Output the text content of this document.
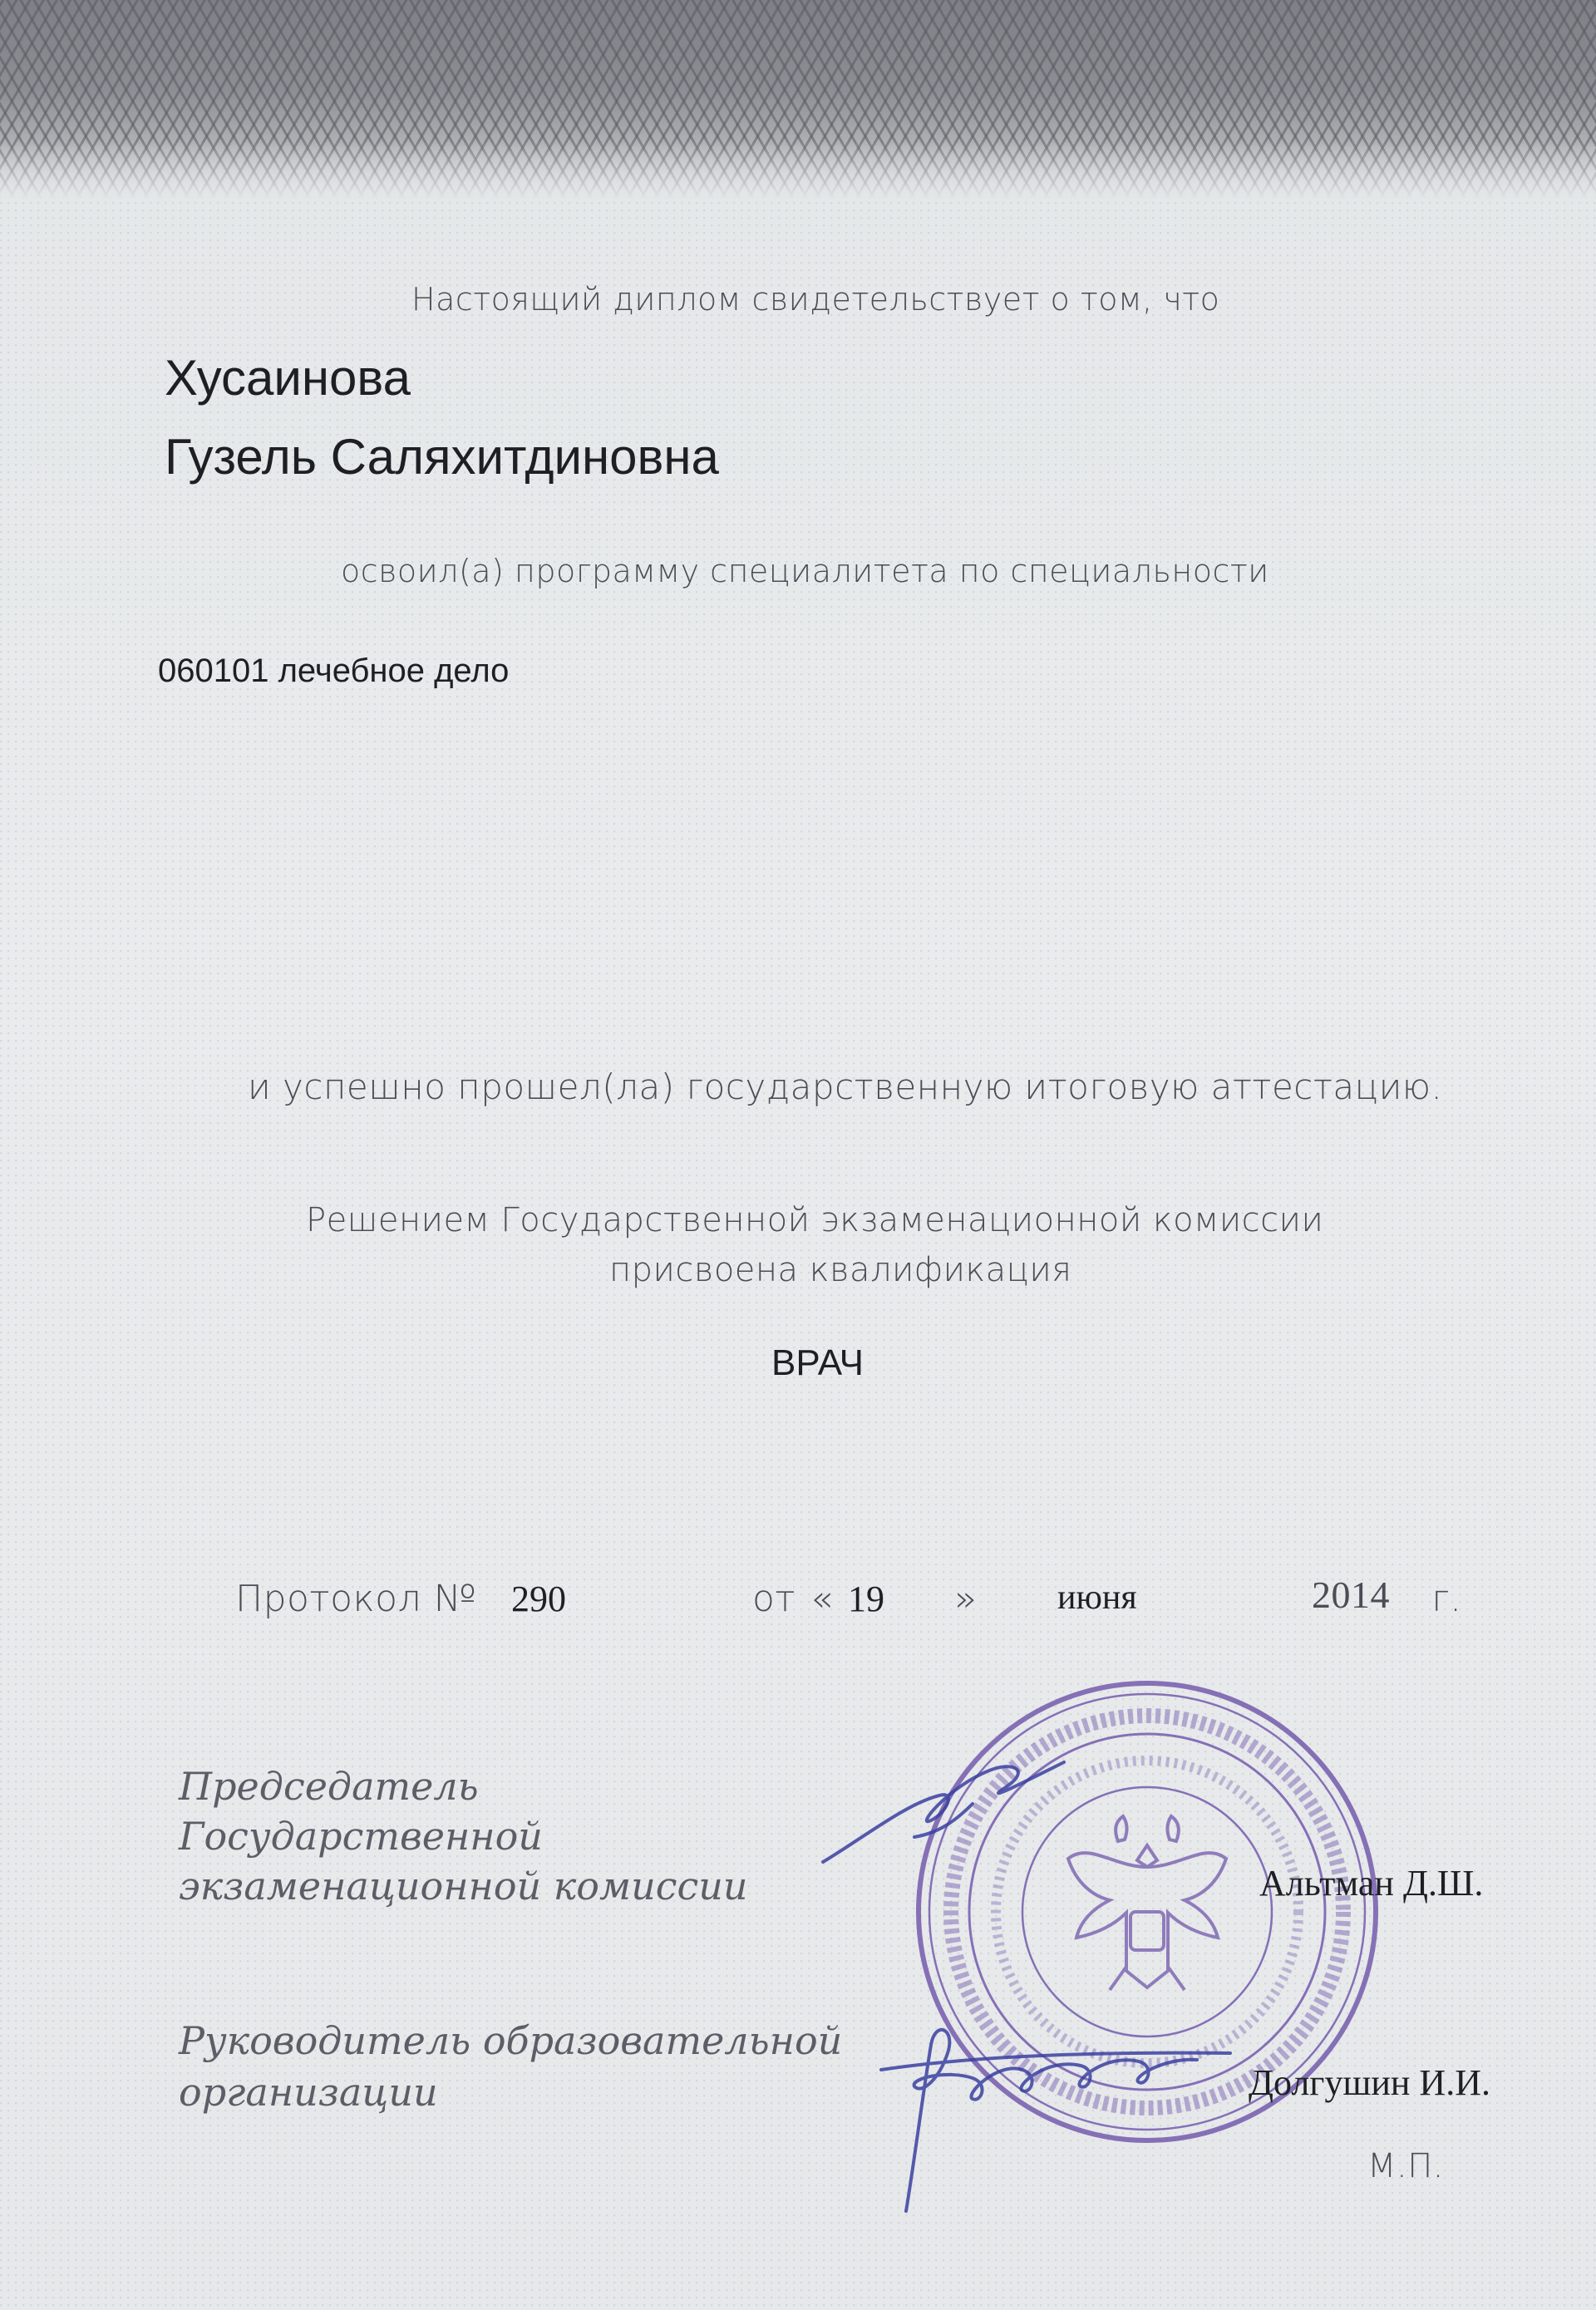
Настоящий диплом свидетельствует о том, что

Хусаинова

Гузель Саляхитдиновна

освоил(а) программу специалитета по специальности

060101 лечебное дело

и успешно прошел(ла) государственную итоговую аттестацию.

Решением Государственной экзаменационной комиссии

присвоена квалификация

ВРАЧ

Протокол № 290	от « 19 » июня	2014 г.

Председатель

Государственной

экзаменационной комиссии

Руководитель образовательной

организации

Альтман Д.Ш.

Долгушин И.И.

М.П.
